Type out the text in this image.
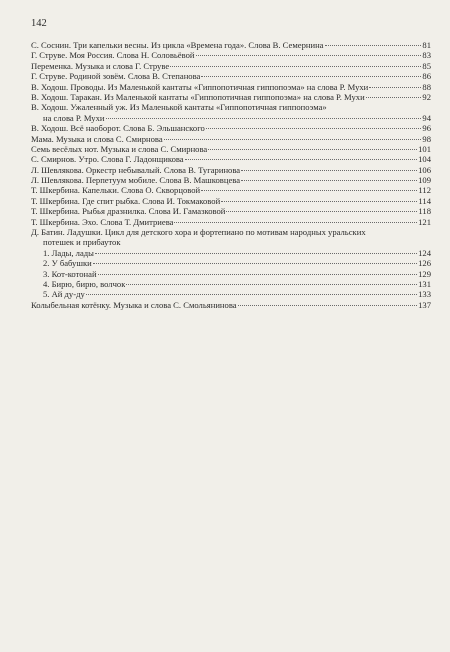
142
С. Соснин. Три капельки весны. Из цикла «Времена года». Слова В. Семернина	81
Г. Струве. Моя Россия. Слова Н. Соловьёвой	83
Переменка. Музыка и слова Г. Струве	85
Г. Струве. Родиной зовём. Слова В. Степанова	86
В. Ходош. Проводы. Из Маленькой кантаты «Гиппопотичная гиппопоэма» на слова Р. Мухи	88
В. Ходош. Таракан. Из Маленькой кантаты «Гиппопотичная гиппопоэма» на слова Р. Мухи	92
В. Ходош. Ужаленный уж. Из Маленькой кантаты «Гиппопотичная гиппопоэма»
на слова Р. Мухи	94
В. Ходош. Всё наоборот. Слова Б. Эльшанского	96
Мама. Музыка и слова С. Смирнова	98
Семь весёлых нот. Музыка и слова С. Смирнова	101
С. Смирнов. Утро. Слова Г. Ладонщикова	104
Л. Шевлякова. Оркестр небывалый. Слова В. Тугаринова	106
Л. Шевлякова. Перпетуум мобиле. Слова В. Машковцева	109
Т. Шкербина. Капельки. Слова О. Скворцовой	112
Т. Шкербина. Где спит рыбка. Слова И. Токмаковой	114
Т. Шкербина. Рыбья дразнилка. Слова И. Гамазковой	118
Т. Шкербина. Эхо. Слова Т. Дмитриева	121
Д. Батин. Ладушки. Цикл для детского хора и фортепиано по мотивам народных уральских
потешек и прибауток
1. Лады, лады	124
2. У бабушки	126
3. Кот-котонай	129
4. Бирю, бирю, волчок	131
5. Ай ду-ду	133
Колыбельная котёнку. Музыка и слова С. Смольянинова	137
